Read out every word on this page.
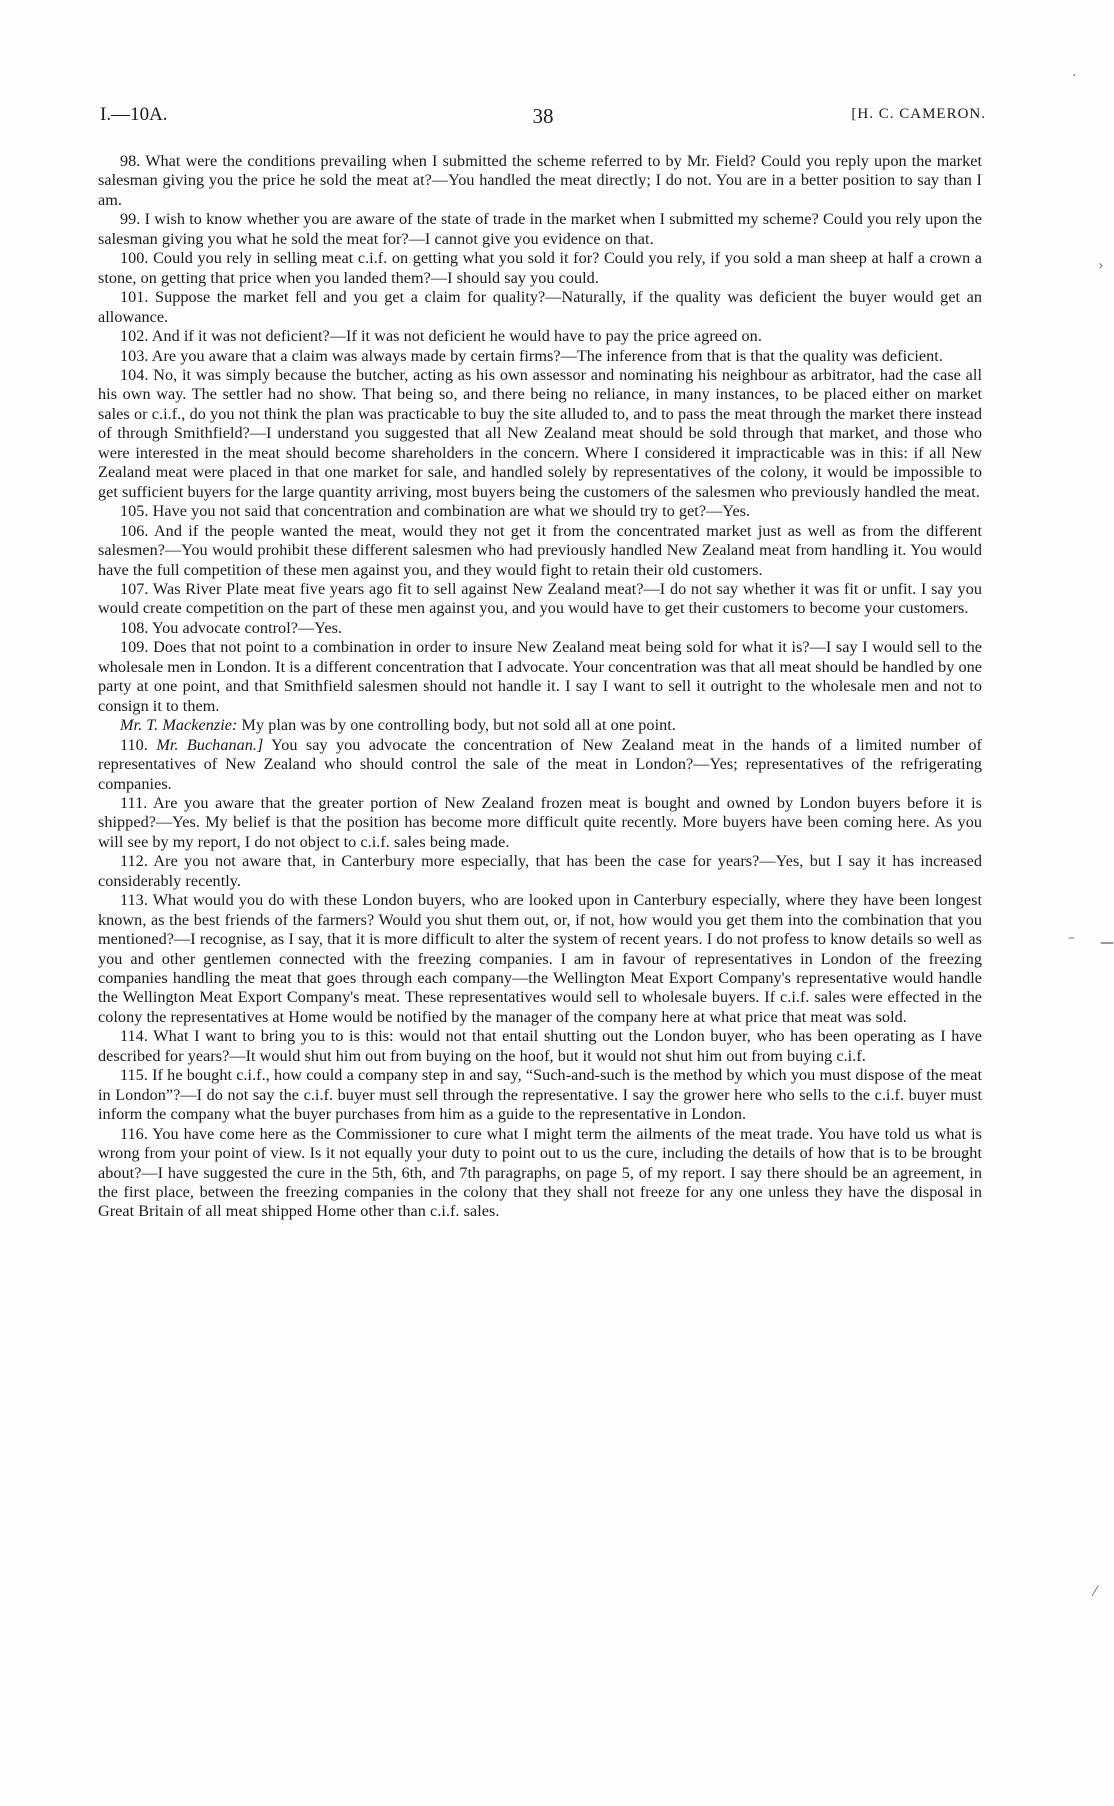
I.—10A.	38	[H. C. CAMERON.

98. What were the conditions prevailing when I submitted the scheme referred to by Mr. Field? Could you reply upon the market salesman giving you the price he sold the meat at?—You handled the meat directly; I do not. You are in a better position to say than I am.

99. I wish to know whether you are aware of the state of trade in the market when I submitted my scheme? Could you rely upon the salesman giving you what he sold the meat for?—I cannot give you evidence on that.

100. Could you rely in selling meat c.i.f. on getting what you sold it for? Could you rely, if you sold a man sheep at half a crown a stone, on getting that price when you landed them?—I should say you could.

101. Suppose the market fell and you get a claim for quality?—Naturally, if the quality was deficient the buyer would get an allowance.

102. And if it was not deficient?—If it was not deficient he would have to pay the price agreed on.

103. Are you aware that a claim was always made by certain firms?—The inference from that is that the quality was deficient.

104. No, it was simply because the butcher, acting as his own assessor and nominating his neighbour as arbitrator, had the case all his own way. The settler had no show. That being so, and there being no reliance, in many instances, to be placed either on market sales or c.i.f., do you not think the plan was practicable to buy the site alluded to, and to pass the meat through the market there instead of through Smithfield?—I understand you suggested that all New Zealand meat should be sold through that market, and those who were interested in the meat should become shareholders in the concern. Where I considered it impracticable was in this: if all New Zealand meat were placed in that one market for sale, and handled solely by representatives of the colony, it would be impossible to get sufficient buyers for the large quantity arriving, most buyers being the customers of the salesmen who previously handled the meat.

105. Have you not said that concentration and combination are what we should try to get?—Yes.

106. And if the people wanted the meat, would they not get it from the concentrated market just as well as from the different salesmen?—You would prohibit these different salesmen who had previously handled New Zealand meat from handling it. You would have the full competition of these men against you, and they would fight to retain their old customers.

107. Was River Plate meat five years ago fit to sell against New Zealand meat?—I do not say whether it was fit or unfit. I say you would create competition on the part of these men against you, and you would have to get their customers to become your customers.

108. You advocate control?—Yes.

109. Does that not point to a combination in order to insure New Zealand meat being sold for what it is?—I say I would sell to the wholesale men in London. It is a different concentration that I advocate. Your concentration was that all meat should be handled by one party at one point, and that Smithfield salesmen should not handle it. I say I want to sell it outright to the wholesale men and not to consign it to them.

Mr. T. Mackenzie: My plan was by one controlling body, but not sold all at one point.

110. Mr. Buchanan.] You say you advocate the concentration of New Zealand meat in the hands of a limited number of representatives of New Zealand who should control the sale of the meat in London?—Yes; representatives of the refrigerating companies.

111. Are you aware that the greater portion of New Zealand frozen meat is bought and owned by London buyers before it is shipped?—Yes. My belief is that the position has become more difficult quite recently. More buyers have been coming here. As you will see by my report, I do not object to c.i.f. sales being made.

112. Are you not aware that, in Canterbury more especially, that has been the case for years?—Yes, but I say it has increased considerably recently.

113. What would you do with these London buyers, who are looked upon in Canterbury especially, where they have been longest known, as the best friends of the farmers? Would you shut them out, or, if not, how would you get them into the combination that you mentioned?—I recognise, as I say, that it is more difficult to alter the system of recent years. I do not profess to know details so well as you and other gentlemen connected with the freezing companies. I am in favour of representatives in London of the freezing companies handling the meat that goes through each company—the Wellington Meat Export Company's representative would handle the Wellington Meat Export Company's meat. These representatives would sell to wholesale buyers. If c.i.f. sales were effected in the colony the representatives at Home would be notified by the manager of the company here at what price that meat was sold.

114. What I want to bring you to is this: would not that entail shutting out the London buyer, who has been operating as I have described for years?—It would shut him out from buying on the hoof, but it would not shut him out from buying c.i.f.

115. If he bought c.i.f., how could a company step in and say, “Such-and-such is the method by which you must dispose of the meat in London”?—I do not say the c.i.f. buyer must sell through the representative. I say the grower here who sells to the c.i.f. buyer must inform the company what the buyer purchases from him as a guide to the representative in London.

116. You have come here as the Commissioner to cure what I might term the ailments of the meat trade. You have told us what is wrong from your point of view. Is it not equally your duty to point out to us the cure, including the details of how that is to be brought about?—I have suggested the cure in the 5th, 6th, and 7th paragraphs, on page 5, of my report. I say there should be an agreement, in the first place, between the freezing companies in the colony that they shall not freeze for any one unless they have the disposal in Great Britain of all meat shipped Home other than c.i.f. sales.

·
›
– —
⁄
